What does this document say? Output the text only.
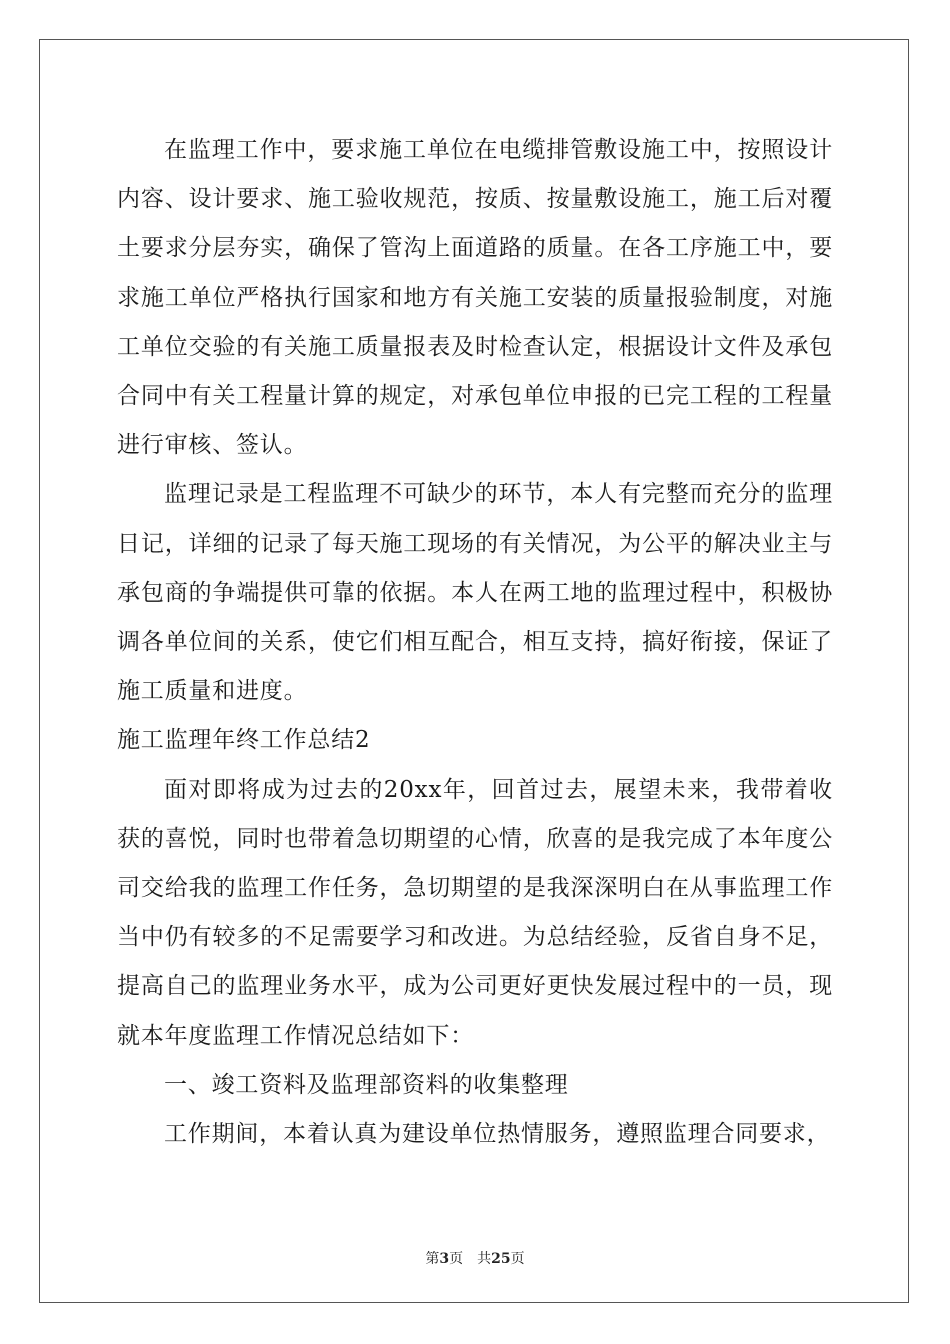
在监理工作中，要求施工单位在电缆排管敷设施工中，按照设计内容、设计要求、施工验收规范，按质、按量敷设施工，施工后对覆土要求分层夯实，确保了管沟上面道路的质量。在各工序施工中，要求施工单位严格执行国家和地方有关施工安装的质量报验制度，对施工单位交验的有关施工质量报表及时检查认定，根据设计文件及承包合同中有关工程量计算的规定，对承包单位申报的已完工程的工程量进行审核、签认。

监理记录是工程监理不可缺少的环节，本人有完整而充分的监理日记，详细的记录了每天施工现场的有关情况，为公平的解决业主与承包商的争端提供可靠的依据。本人在两工地的监理过程中，积极协调各单位间的关系，使它们相互配合，相互支持，搞好衔接，保证了施工质量和进度。

施工监理年终工作总结2

面对即将成为过去的20xx年，回首过去，展望未来，我带着收获的喜悦，同时也带着急切期望的心情，欣喜的是我完成了本年度公司交给我的监理工作任务，急切期望的是我深深明白在从事监理工作当中仍有较多的不足需要学习和改进。为总结经验，反省自身不足，提高自己的监理业务水平，成为公司更好更快发展过程中的一员，现就本年度监理工作情况总结如下：

一、竣工资料及监理部资料的收集整理

工作期间，本着认真为建设单位热情服务，遵照监理合同要求，

第3页 共25页
